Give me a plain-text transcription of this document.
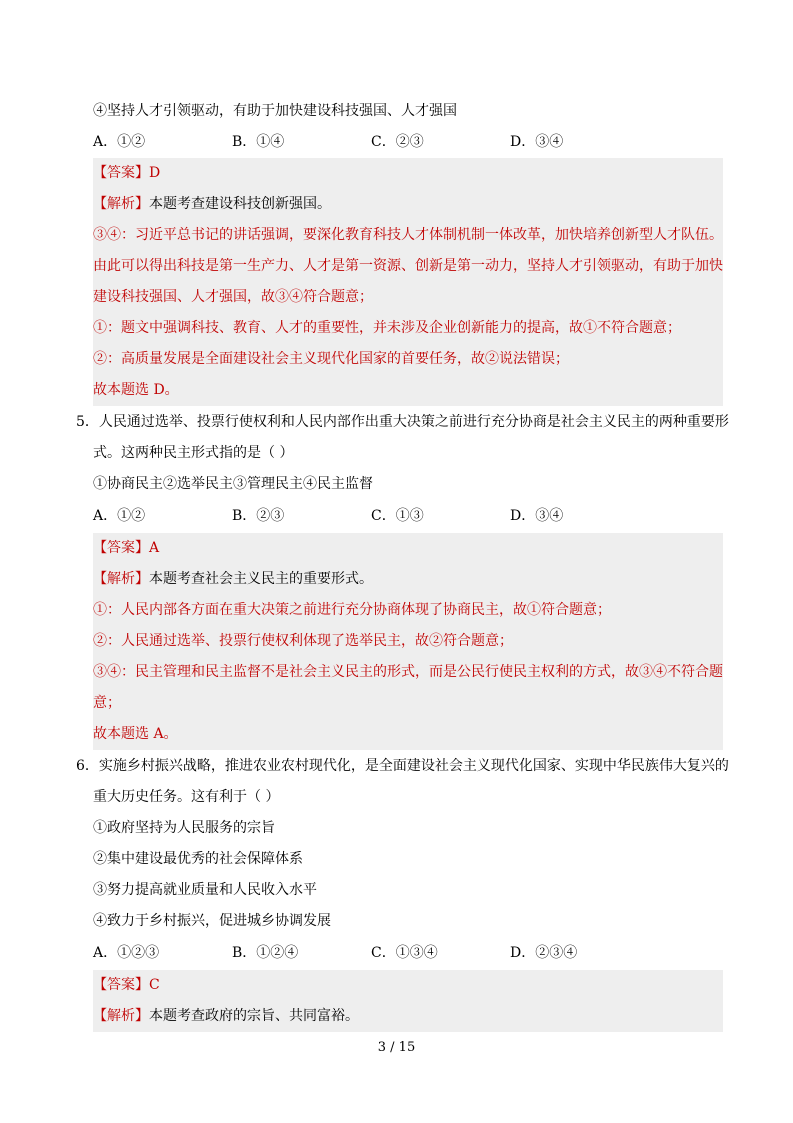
④坚持人才引领驱动，有助于加快建设科技强国、人才强国
A．①②	B．①④	C．②③	D．③④
【答案】D
【解析】本题考查建设科技创新强国。
③④：习近平总书记的讲话强调，要深化教育科技人才体制机制一体改革，加快培养创新型人才队伍。
由此可以得出科技是第一生产力、人才是第一资源、创新是第一动力，坚持人才引领驱动，有助于加快
建设科技强国、人才强国，故③④符合题意；
①：题文中强调科技、教育、人才的重要性，并未涉及企业创新能力的提高，故①不符合题意；
②：高质量发展是全面建设社会主义现代化国家的首要任务，故②说法错误；
故本题选 D。
5．人民通过选举、投票行使权利和人民内部作出重大决策之前进行充分协商是社会主义民主的两种重要形
式。这两种民主形式指的是（ ）
①协商民主②选举民主③管理民主④民主监督
A．①②	B．②③	C．①③	D．③④
【答案】A
【解析】本题考查社会主义民主的重要形式。
①：人民内部各方面在重大决策之前进行充分协商体现了协商民主，故①符合题意；
②：人民通过选举、投票行使权利体现了选举民主，故②符合题意；
③④：民主管理和民主监督不是社会主义民主的形式，而是公民行使民主权利的方式，故③④不符合题
意；
故本题选 A。
6．实施乡村振兴战略，推进农业农村现代化，是全面建设社会主义现代化国家、实现中华民族伟大复兴的
重大历史任务。这有利于（ ）
①政府坚持为人民服务的宗旨
②集中建设最优秀的社会保障体系
③努力提高就业质量和人民收入水平
④致力于乡村振兴，促进城乡协调发展
A．①②③	B．①②④	C．①③④	D．②③④
【答案】C
【解析】本题考查政府的宗旨、共同富裕。
3 / 15
